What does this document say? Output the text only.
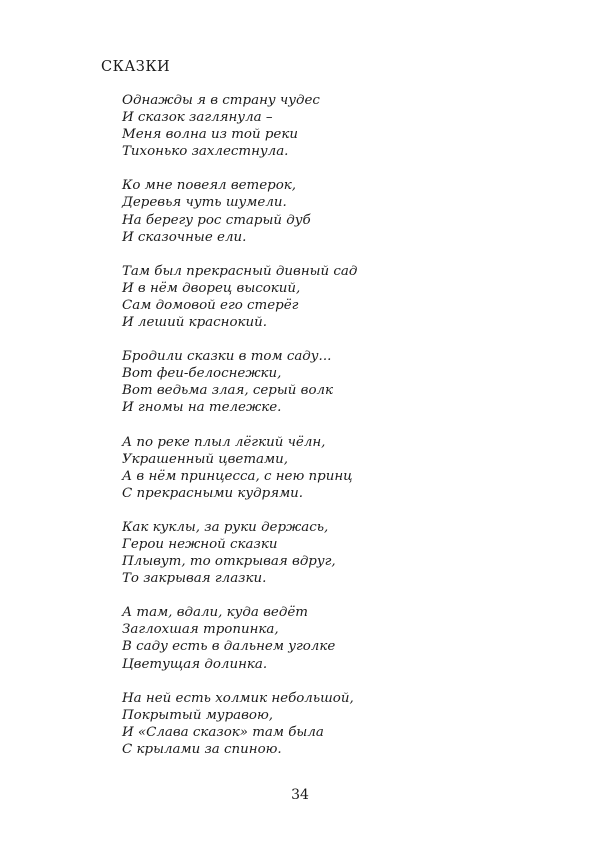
СКАЗКИ
Однажды я в страну чудес
И сказок заглянула –
Меня волна из той реки
Тихонько захлестнула.
Ко мне повеял ветерок,
Деревья чуть шумели.
На берегу рос старый дуб
И сказочные ели.
Там был прекрасный дивный сад
И в нём дворец высокий,
Сам домовой его стерёг
И леший краснокий.
Бродили сказки в том саду...
Вот феи-белоснежки,
Вот ведьма злая, серый волк
И гномы на тележке.
А по реке плыл лёгкий чёлн,
Украшенный цветами,
А в нём принцесса, с нею принц
С прекрасными кудрями.
Как куклы, за руки держась,
Герои нежной сказки
Плывут, то открывая вдруг,
То закрывая глазки.
А там, вдали, куда ведёт
Заглохшая тропинка,
В саду есть в дальнем уголке
Цветущая долинка.
На ней есть холмик небольшой,
Покрытый муравою,
И «Слава сказок» там была
С крылами за спиною.
34
